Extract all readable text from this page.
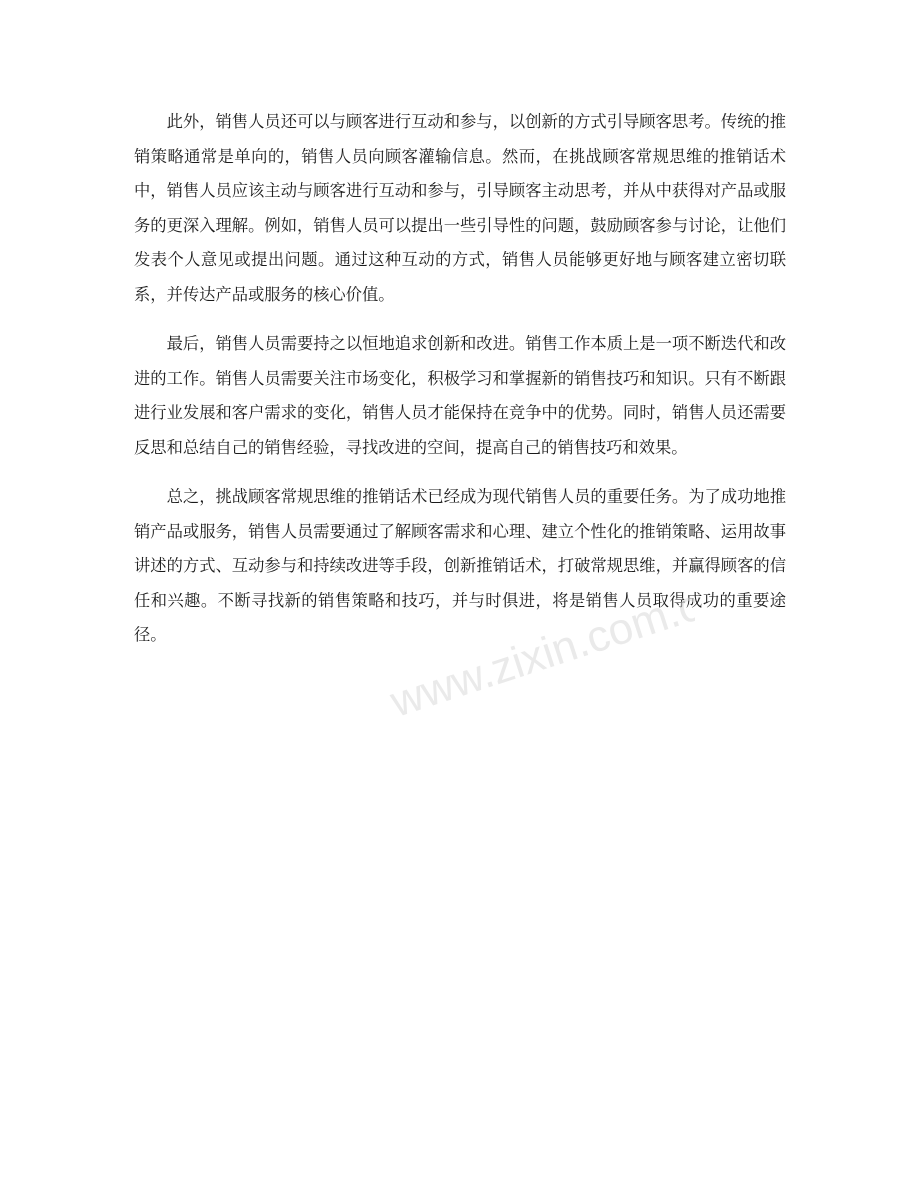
此外，销售人员还可以与顾客进行互动和参与，以创新的方式引导顾客思考。传统的推销策略通常是单向的，销售人员向顾客灌输信息。然而，在挑战顾客常规思维的推销话术中，销售人员应该主动与顾客进行互动和参与，引导顾客主动思考，并从中获得对产品或服务的更深入理解。例如，销售人员可以提出一些引导性的问题，鼓励顾客参与讨论，让他们发表个人意见或提出问题。通过这种互动的方式，销售人员能够更好地与顾客建立密切联系，并传达产品或服务的核心价值。

最后，销售人员需要持之以恒地追求创新和改进。销售工作本质上是一项不断迭代和改进的工作。销售人员需要关注市场变化，积极学习和掌握新的销售技巧和知识。只有不断跟进行业发展和客户需求的变化，销售人员才能保持在竞争中的优势。同时，销售人员还需要反思和总结自己的销售经验，寻找改进的空间，提高自己的销售技巧和效果。

总之，挑战顾客常规思维的推销话术已经成为现代销售人员的重要任务。为了成功地推销产品或服务，销售人员需要通过了解顾客需求和心理、建立个性化的推销策略、运用故事讲述的方式、互动参与和持续改进等手段，创新推销话术，打破常规思维，并赢得顾客的信任和兴趣。不断寻找新的销售策略和技巧，并与时俱进，将是销售人员取得成功的重要途径。	www.zixin.com.cn
